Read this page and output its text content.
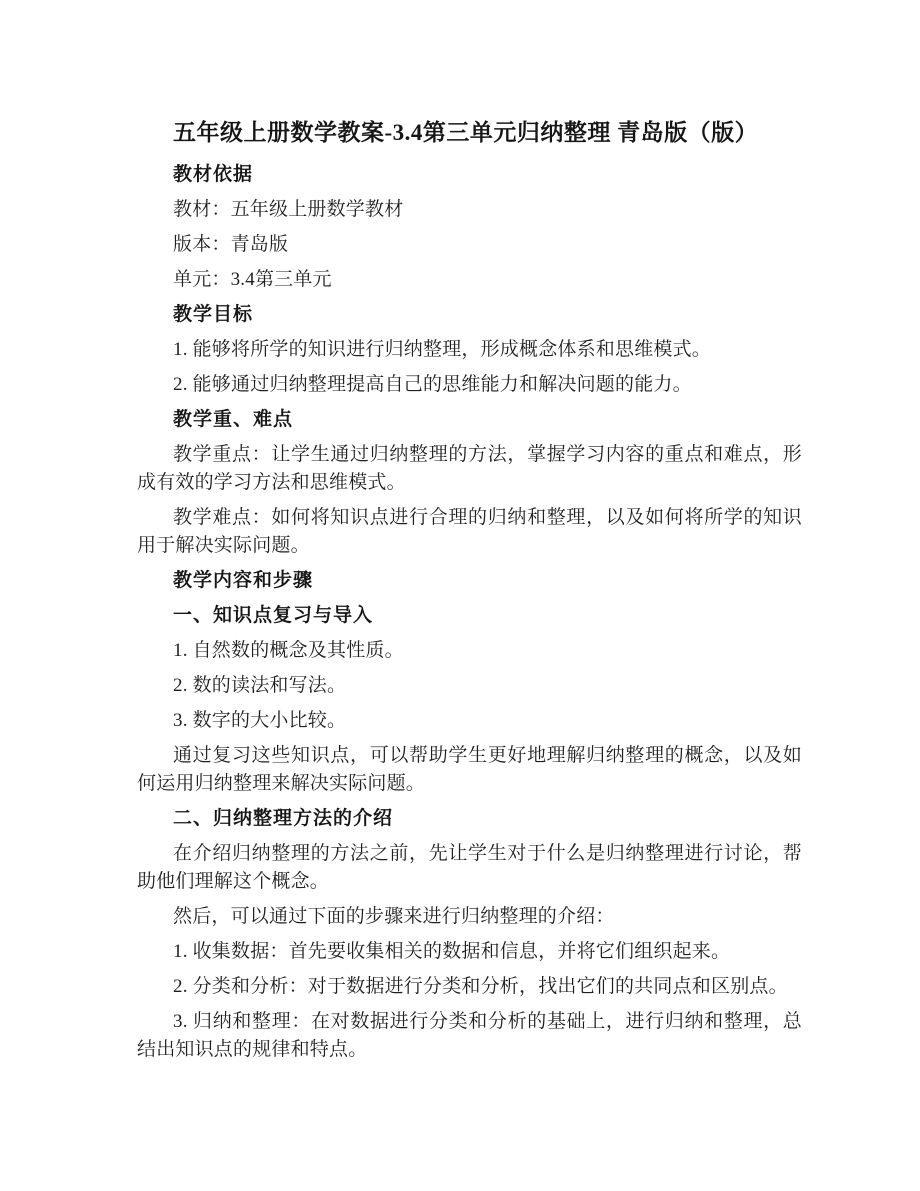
五年级上册数学教案-3.4第三单元归纳整理 青岛版（版）

教材依据

教材：五年级上册数学教材

版本：青岛版

单元：3.4第三单元

教学目标

1. 能够将所学的知识进行归纳整理，形成概念体系和思维模式。

2. 能够通过归纳整理提高自己的思维能力和解决问题的能力。

教学重、难点

教学重点：让学生通过归纳整理的方法，掌握学习内容的重点和难点，形成有效的学习方法和思维模式。

教学难点：如何将知识点进行合理的归纳和整理，以及如何将所学的知识用于解决实际问题。

教学内容和步骤

一、知识点复习与导入

1. 自然数的概念及其性质。

2. 数的读法和写法。

3. 数字的大小比较。

通过复习这些知识点，可以帮助学生更好地理解归纳整理的概念，以及如何运用归纳整理来解决实际问题。

二、归纳整理方法的介绍

在介绍归纳整理的方法之前，先让学生对于什么是归纳整理进行讨论，帮助他们理解这个概念。

然后，可以通过下面的步骤来进行归纳整理的介绍：

1. 收集数据：首先要收集相关的数据和信息，并将它们组织起来。

2. 分类和分析：对于数据进行分类和分析，找出它们的共同点和区别点。

3. 归纳和整理：在对数据进行分类和分析的基础上，进行归纳和整理，总结出知识点的规律和特点。
